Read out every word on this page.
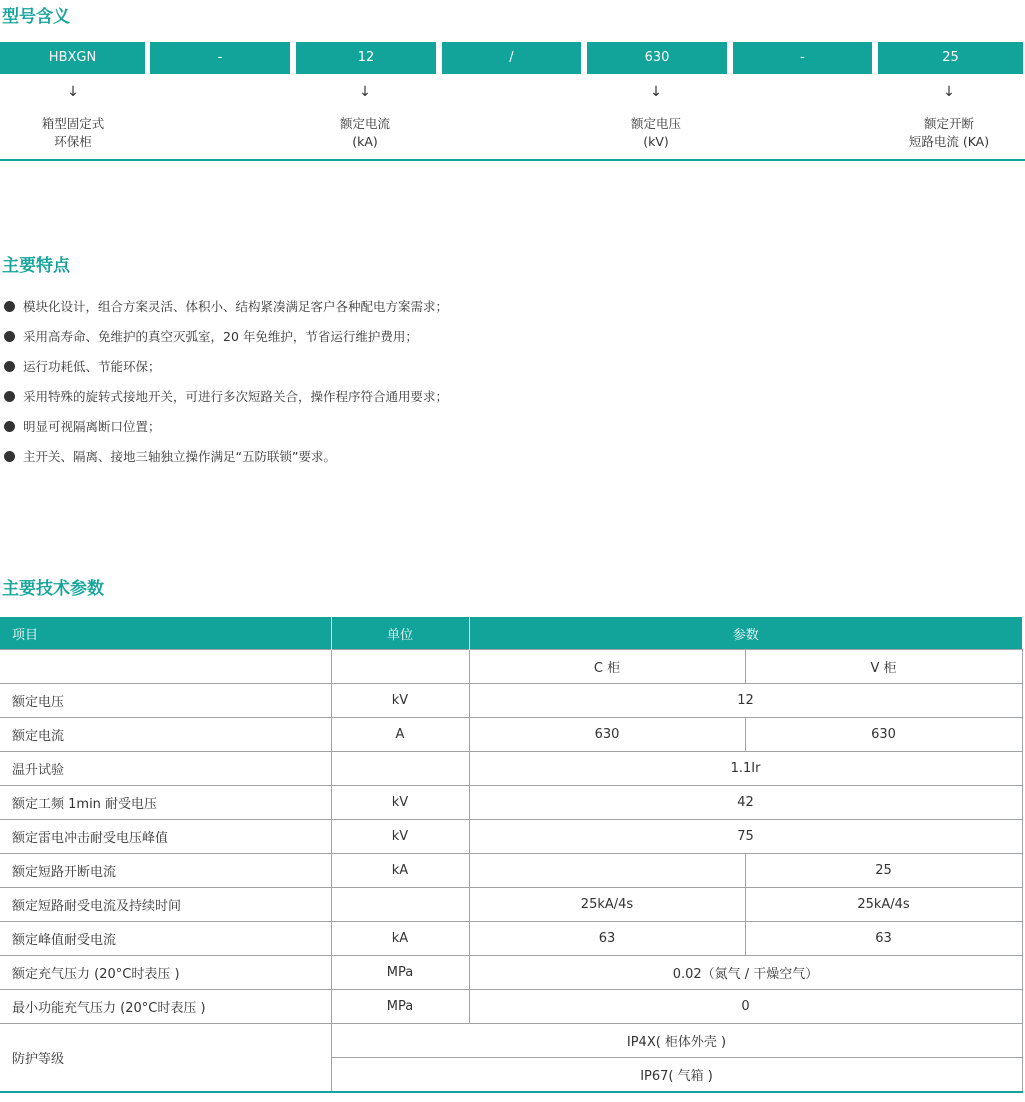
型号含义
HBXGN	-	12	/	630	-	25
↓	↓	↓	↓
箱型固定式
环保柜
额定电流
(kA)
额定电压
(kV)
额定开断
短路电流 (KA)
主要特点
模块化设计，组合方案灵活、体积小、结构紧凑满足客户各种配电方案需求；
采用高寿命、免维护的真空灭弧室，20 年免维护，节省运行维护费用；
运行功耗低、节能环保；
采用特殊的旋转式接地开关，可进行多次短路关合，操作程序符合通用要求；
明显可视隔离断口位置；
主开关、隔离、接地三轴独立操作满足“五防联锁”要求。
主要技术参数
项目	单位	参数	
		C 柜	V 柜
额定电压	kV	12	
额定电流	A	630	630
温升试验		1.1Ir	
额定工频 1min 耐受电压	kV	42	
额定雷电冲击耐受电压峰值	kV	75	
额定短路开断电流	kA		25
额定短路耐受电流及持续时间		25kA/4s	25kA/4s
额定峰值耐受电流	kA	63	63
额定充气压力 (20°C时表压 )	MPa	0.02（氮气 / 干燥空气）	
最小功能充气压力 (20°C时表压 )	MPa	0	
防护等级	IP4X( 柜体外壳 )		
	IP67( 气箱 )		
